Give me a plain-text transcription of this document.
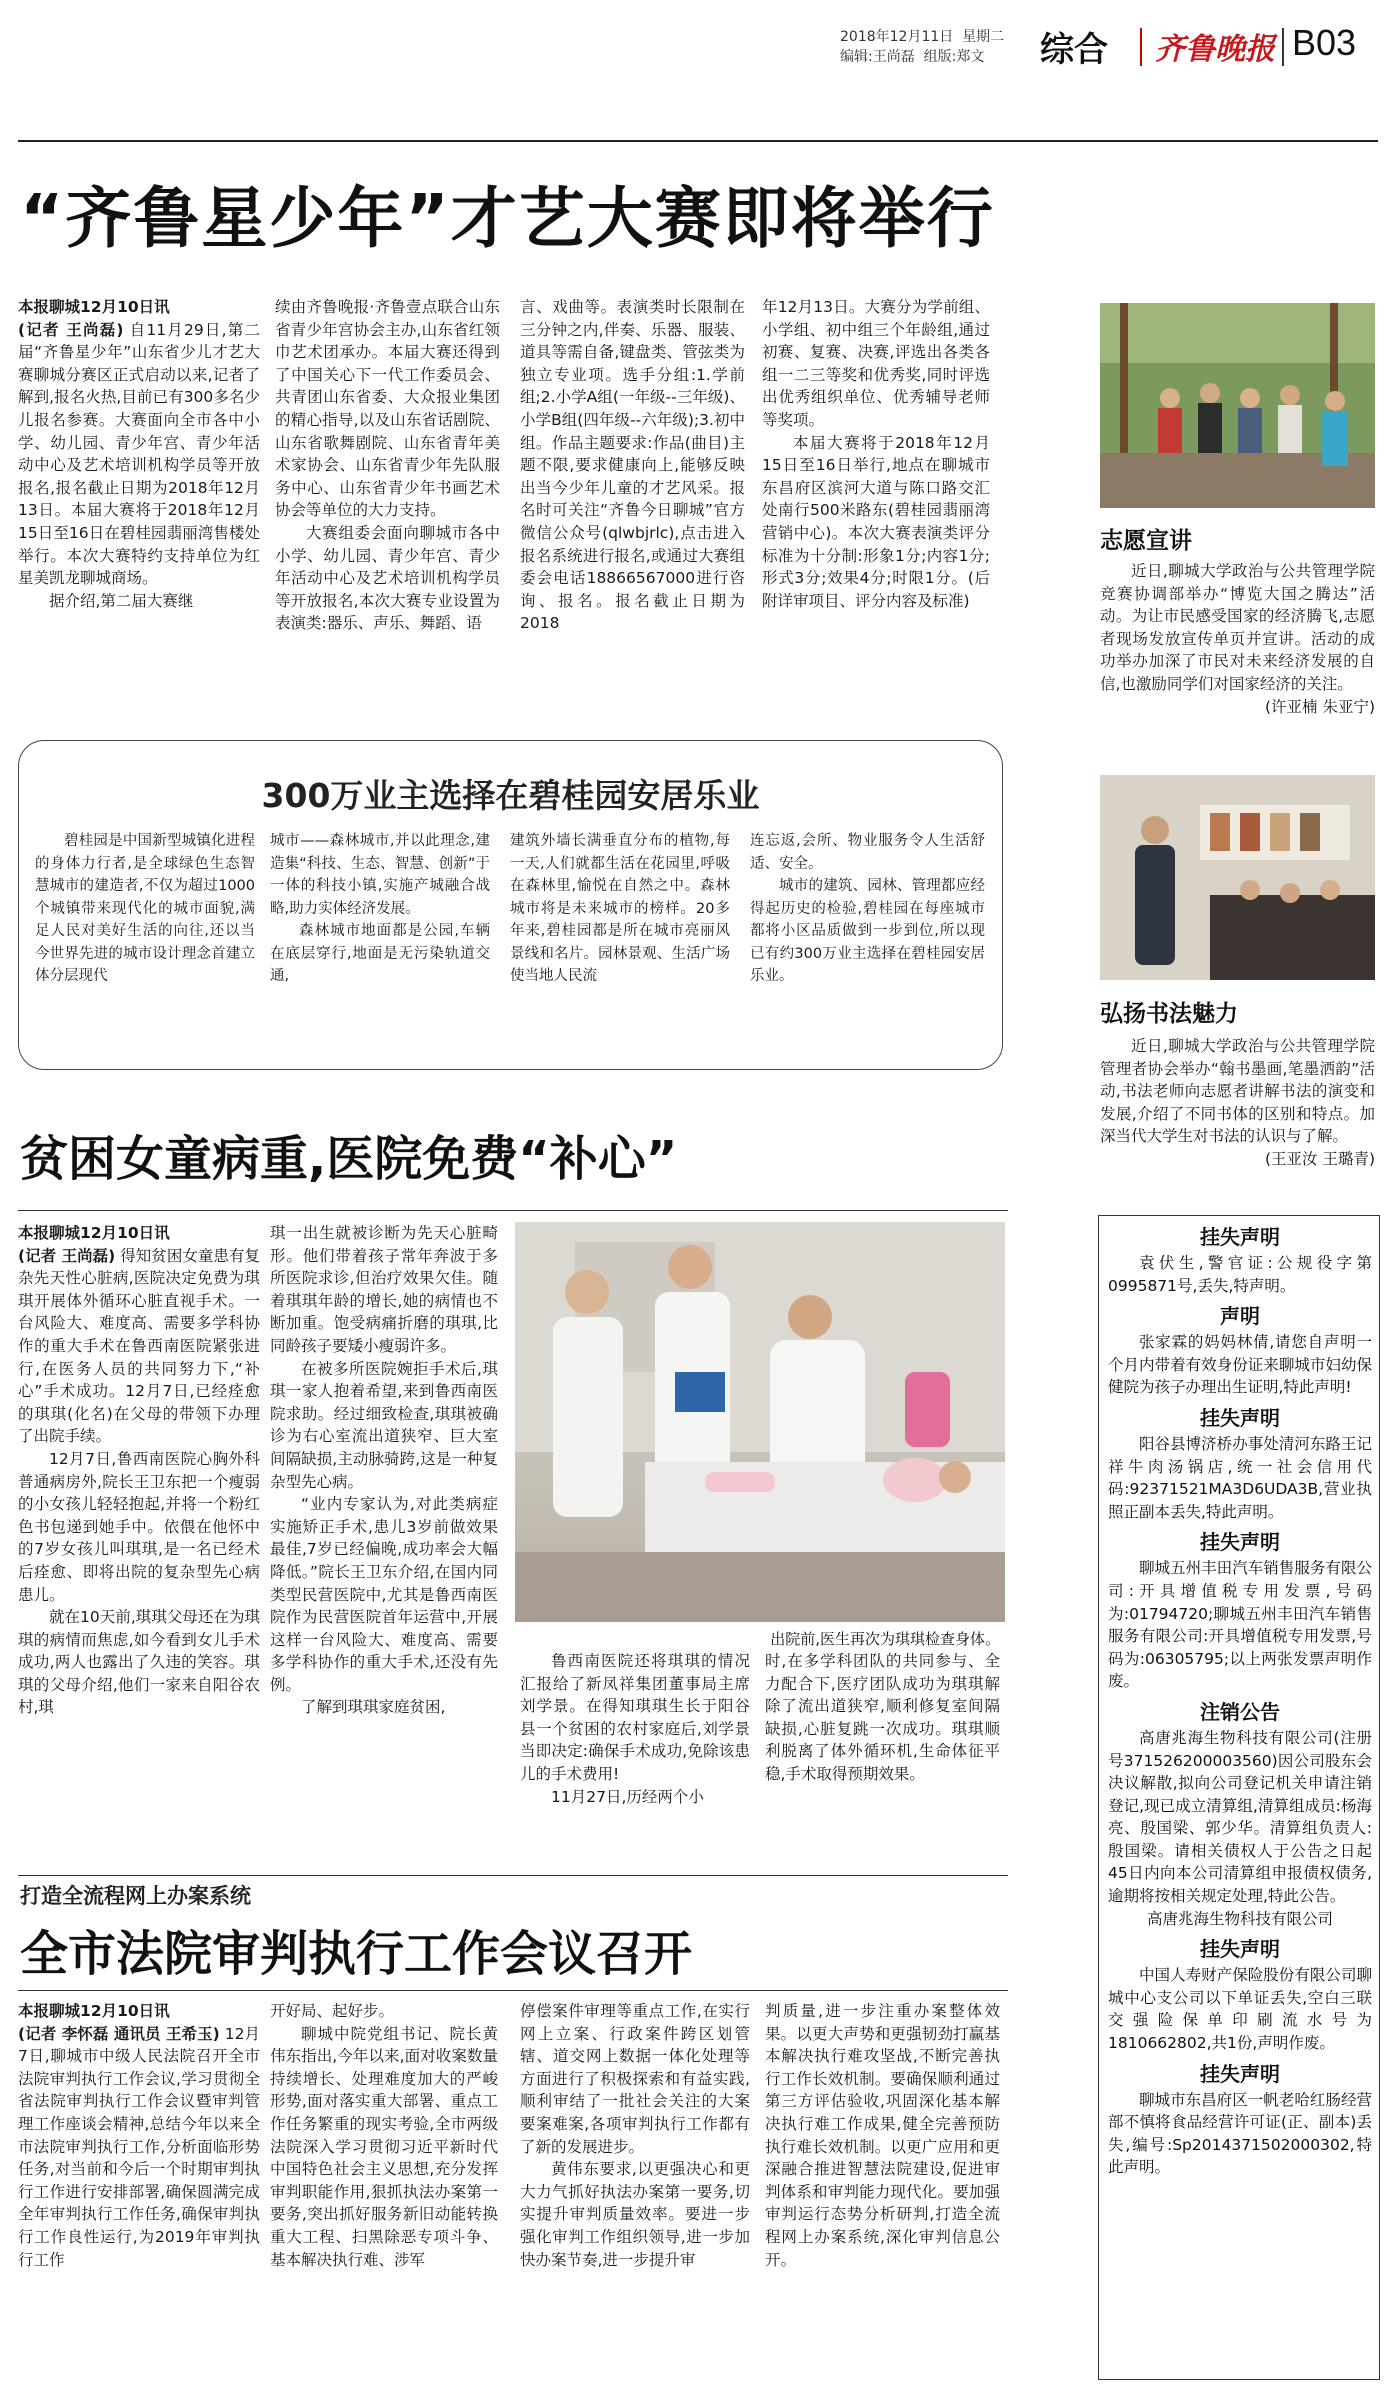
2018年12月11日 星期二
编辑:王尚磊 组版:郑文 综合 齐鲁晚报 B03
“齐鲁星少年”才艺大赛即将举行

本报聊城12月10日讯

(记者 王尚磊) 自11月29日,第二届“齐鲁星少年”山东省少儿才艺大赛聊城分赛区正式启动以来,记者了解到,报名火热,目前已有300多名少儿报名参赛。大赛面向全市各中小学、幼儿园、青少年宫、青少年活动中心及艺术培训机构学员等开放报名,报名截止日期为2018年12月13日。本届大赛将于2018年12月15日至16日在碧桂园翡丽湾售楼处举行。本次大赛特约支持单位为红星美凯龙聊城商场。

据介绍,第二届大赛继

续由齐鲁晚报·齐鲁壹点联合山东省青少年宫协会主办,山东省红领巾艺术团承办。本届大赛还得到了中国关心下一代工作委员会、共青团山东省委、大众报业集团的精心指导,以及山东省话剧院、山东省歌舞剧院、山东省青年美术家协会、山东省青少年先队服务中心、山东省青少年书画艺术协会等单位的大力支持。

大赛组委会面向聊城市各中小学、幼儿园、青少年宫、青少年活动中心及艺术培训机构学员等开放报名,本次大赛专业设置为表演类:器乐、声乐、舞蹈、语

言、戏曲等。表演类时长限制在三分钟之内,伴奏、乐器、服装、道具等需自备,键盘类、管弦类为独立专业项。选手分组:1.学前组;2.小学A组(一年级--三年级)、小学B组(四年级--六年级);3.初中组。作品主题要求:作品(曲目)主题不限,要求健康向上,能够反映出当今少年儿童的才艺风采。报名时可关注“齐鲁今日聊城”官方微信公众号(qlwbjrlc),点击进入报名系统进行报名,或通过大赛组委会电话18866567000进行咨询、报名。报名截止日期为2018

年12月13日。大赛分为学前组、小学组、初中组三个年龄组,通过初赛、复赛、决赛,评选出各类各组一二三等奖和优秀奖,同时评选出优秀组织单位、优秀辅导老师等奖项。

本届大赛将于2018年12月15日至16日举行,地点在聊城市东昌府区滨河大道与陈口路交汇处南行500米路东(碧桂园翡丽湾营销中心)。本次大赛表演类评分标准为十分制:形象1分;内容1分;形式3分;效果4分;时限1分。(后附详审项目、评分内容及标准)

300万业主选择在碧桂园安居乐业

碧桂园是中国新型城镇化进程的身体力行者,是全球绿色生态智慧城市的建造者,不仅为超过1000个城镇带来现代化的城市面貌,满足人民对美好生活的向往,还以当今世界先进的城市设计理念首建立体分层现代

城市——森林城市,并以此理念,建造集“科技、生态、智慧、创新”于一体的科技小镇,实施产城融合战略,助力实体经济发展。

森林城市地面都是公园,车辆在底层穿行,地面是无污染轨道交通,

建筑外墙长满垂直分布的植物,每一天,人们就都生活在花园里,呼吸在森林里,愉悦在自然之中。森林城市将是未来城市的榜样。20多年来,碧桂园都是所在城市亮丽风景线和名片。园林景观、生活广场使当地人民流

连忘返,会所、物业服务令人生活舒适、安全。

城市的建筑、园林、管理都应经得起历史的检验,碧桂园在每座城市都将小区品质做到一步到位,所以现已有约300万业主选择在碧桂园安居乐业。

贫困女童病重,医院免费“补心”

本报聊城12月10日讯

(记者 王尚磊) 得知贫困女童患有复杂先天性心脏病,医院决定免费为琪琪开展体外循环心脏直视手术。一台风险大、难度高、需要多学科协作的重大手术在鲁西南医院紧张进行,在医务人员的共同努力下,“补心”手术成功。12月7日,已经痊愈的琪琪(化名)在父母的带领下办理了出院手续。

12月7日,鲁西南医院心胸外科普通病房外,院长王卫东把一个瘦弱的小女孩儿轻轻抱起,并将一个粉红色书包递到她手中。依偎在他怀中的7岁女孩儿叫琪琪,是一名已经术后痊愈、即将出院的复杂型先心病患儿。

就在10天前,琪琪父母还在为琪琪的病情而焦虑,如今看到女儿手术成功,两人也露出了久违的笑容。琪琪的父母介绍,他们一家来自阳谷农村,琪

琪一出生就被诊断为先天心脏畸形。他们带着孩子常年奔波于多所医院求诊,但治疗效果欠佳。随着琪琪年龄的增长,她的病情也不断加重。饱受病痛折磨的琪琪,比同龄孩子要矮小瘦弱许多。

在被多所医院婉拒手术后,琪琪一家人抱着希望,来到鲁西南医院求助。经过细致检查,琪琪被确诊为右心室流出道狭窄、巨大室间隔缺损,主动脉骑跨,这是一种复杂型先心病。

“业内专家认为,对此类病症实施矫正手术,患儿3岁前做效果最佳,7岁已经偏晚,成功率会大幅降低。”院长王卫东介绍,在国内同类型民营医院中,尤其是鲁西南医院作为民营医院首年运营中,开展这样一台风险大、难度高、需要多学科协作的重大手术,还没有先例。

了解到琪琪家庭贫困,

出院前,医生再次为琪琪检查身体。

鲁西南医院还将琪琪的情况汇报给了新凤祥集团董事局主席刘学景。在得知琪琪生长于阳谷县一个贫困的农村家庭后,刘学景当即决定:确保手术成功,免除该患儿的手术费用!

11月27日,历经两个小

时,在多学科团队的共同参与、全力配合下,医疗团队成功为琪琪解除了流出道狭窄,顺利修复室间隔缺损,心脏复跳一次成功。琪琪顺利脱离了体外循环机,生命体征平稳,手术取得预期效果。

打造全流程网上办案系统
全市法院审判执行工作会议召开

本报聊城12月10日讯

(记者 李怀磊 通讯员 王希玉) 12月7日,聊城市中级人民法院召开全市法院审判执行工作会议,学习贯彻全省法院审判执行工作会议暨审判管理工作座谈会精神,总结今年以来全市法院审判执行工作,分析面临形势任务,对当前和今后一个时期审判执行工作进行安排部署,确保圆满完成全年审判执行工作任务,确保审判执行工作良性运行,为2019年审判执行工作

开好局、起好步。

聊城中院党组书记、院长黄伟东指出,今年以来,面对收案数量持续增长、处理难度加大的严峻形势,面对落实重大部署、重点工作任务繁重的现实考验,全市两级法院深入学习贯彻习近平新时代中国特色社会主义思想,充分发挥审判职能作用,狠抓执法办案第一要务,突出抓好服务新旧动能转换重大工程、扫黑除恶专项斗争、基本解决执行难、涉军

停偿案件审理等重点工作,在实行网上立案、行政案件跨区划管辖、道交网上数据一体化处理等方面进行了积极探索和有益实践,顺利审结了一批社会关注的大案要案难案,各项审判执行工作都有了新的发展进步。

黄伟东要求,以更强决心和更大力气抓好执法办案第一要务,切实提升审判质量效率。要进一步强化审判工作组织领导,进一步加快办案节奏,进一步提升审

判质量,进一步注重办案整体效果。以更大声势和更强韧劲打赢基本解决执行难攻坚战,不断完善执行工作长效机制。要确保顺利通过第三方评估验收,巩固深化基本解决执行难工作成果,健全完善预防执行难长效机制。以更广应用和更深融合推进智慧法院建设,促进审判体系和审判能力现代化。要加强审判运行态势分析研判,打造全流程网上办案系统,深化审判信息公开。

志愿宣讲

近日,聊城大学政治与公共管理学院竞赛协调部举办“博览大国之腾达”活动。为让市民感受国家的经济腾飞,志愿者现场发放宣传单页并宣讲。活动的成功举办加深了市民对未来经济发展的自信,也激励同学们对国家经济的关注。

(许亚楠 朱亚宁)

弘扬书法魅力

近日,聊城大学政治与公共管理学院管理者协会举办“翰书墨画,笔墨洒韵”活动,书法老师向志愿者讲解书法的演变和发展,介绍了不同书体的区别和特点。加深当代大学生对书法的认识与了解。

(王亚汝 王璐青)

挂失声明
袁伏生,警官证:公规役字第0995871号,丢失,特声明。
声明
张家霖的妈妈林倩,请您自声明一个月内带着有效身份证来聊城市妇幼保健院为孩子办理出生证明,特此声明!
挂失声明
阳谷县博济桥办事处清河东路王记祥牛肉汤锅店,统一社会信用代码:92371521MA3D6UDA3B,营业执照正副本丢失,特此声明。
挂失声明
聊城五州丰田汽车销售服务有限公司:开具增值税专用发票,号码为:01794720;聊城五州丰田汽车销售服务有限公司:开具增值税专用发票,号码为:06305795;以上两张发票声明作废。
注销公告
高唐兆海生物科技有限公司(注册号371526200003560)因公司股东会决议解散,拟向公司登记机关申请注销登记,现已成立清算组,清算组成员:杨海亮、殷国梁、郭少华。清算组负责人:殷国梁。请相关债权人于公告之日起45日内向本公司清算组申报债权债务,逾期将按相关规定处理,特此公告。
高唐兆海生物科技有限公司
挂失声明
中国人寿财产保险股份有限公司聊城中心支公司以下单证丢失,空白三联交强险保单印刷流水号为1810662802,共1份,声明作废。
挂失声明
聊城市东昌府区一帆老哈红肠经营部不慎将食品经营许可证(正、副本)丢失,编号:Sp2014371502000302,特此声明。
